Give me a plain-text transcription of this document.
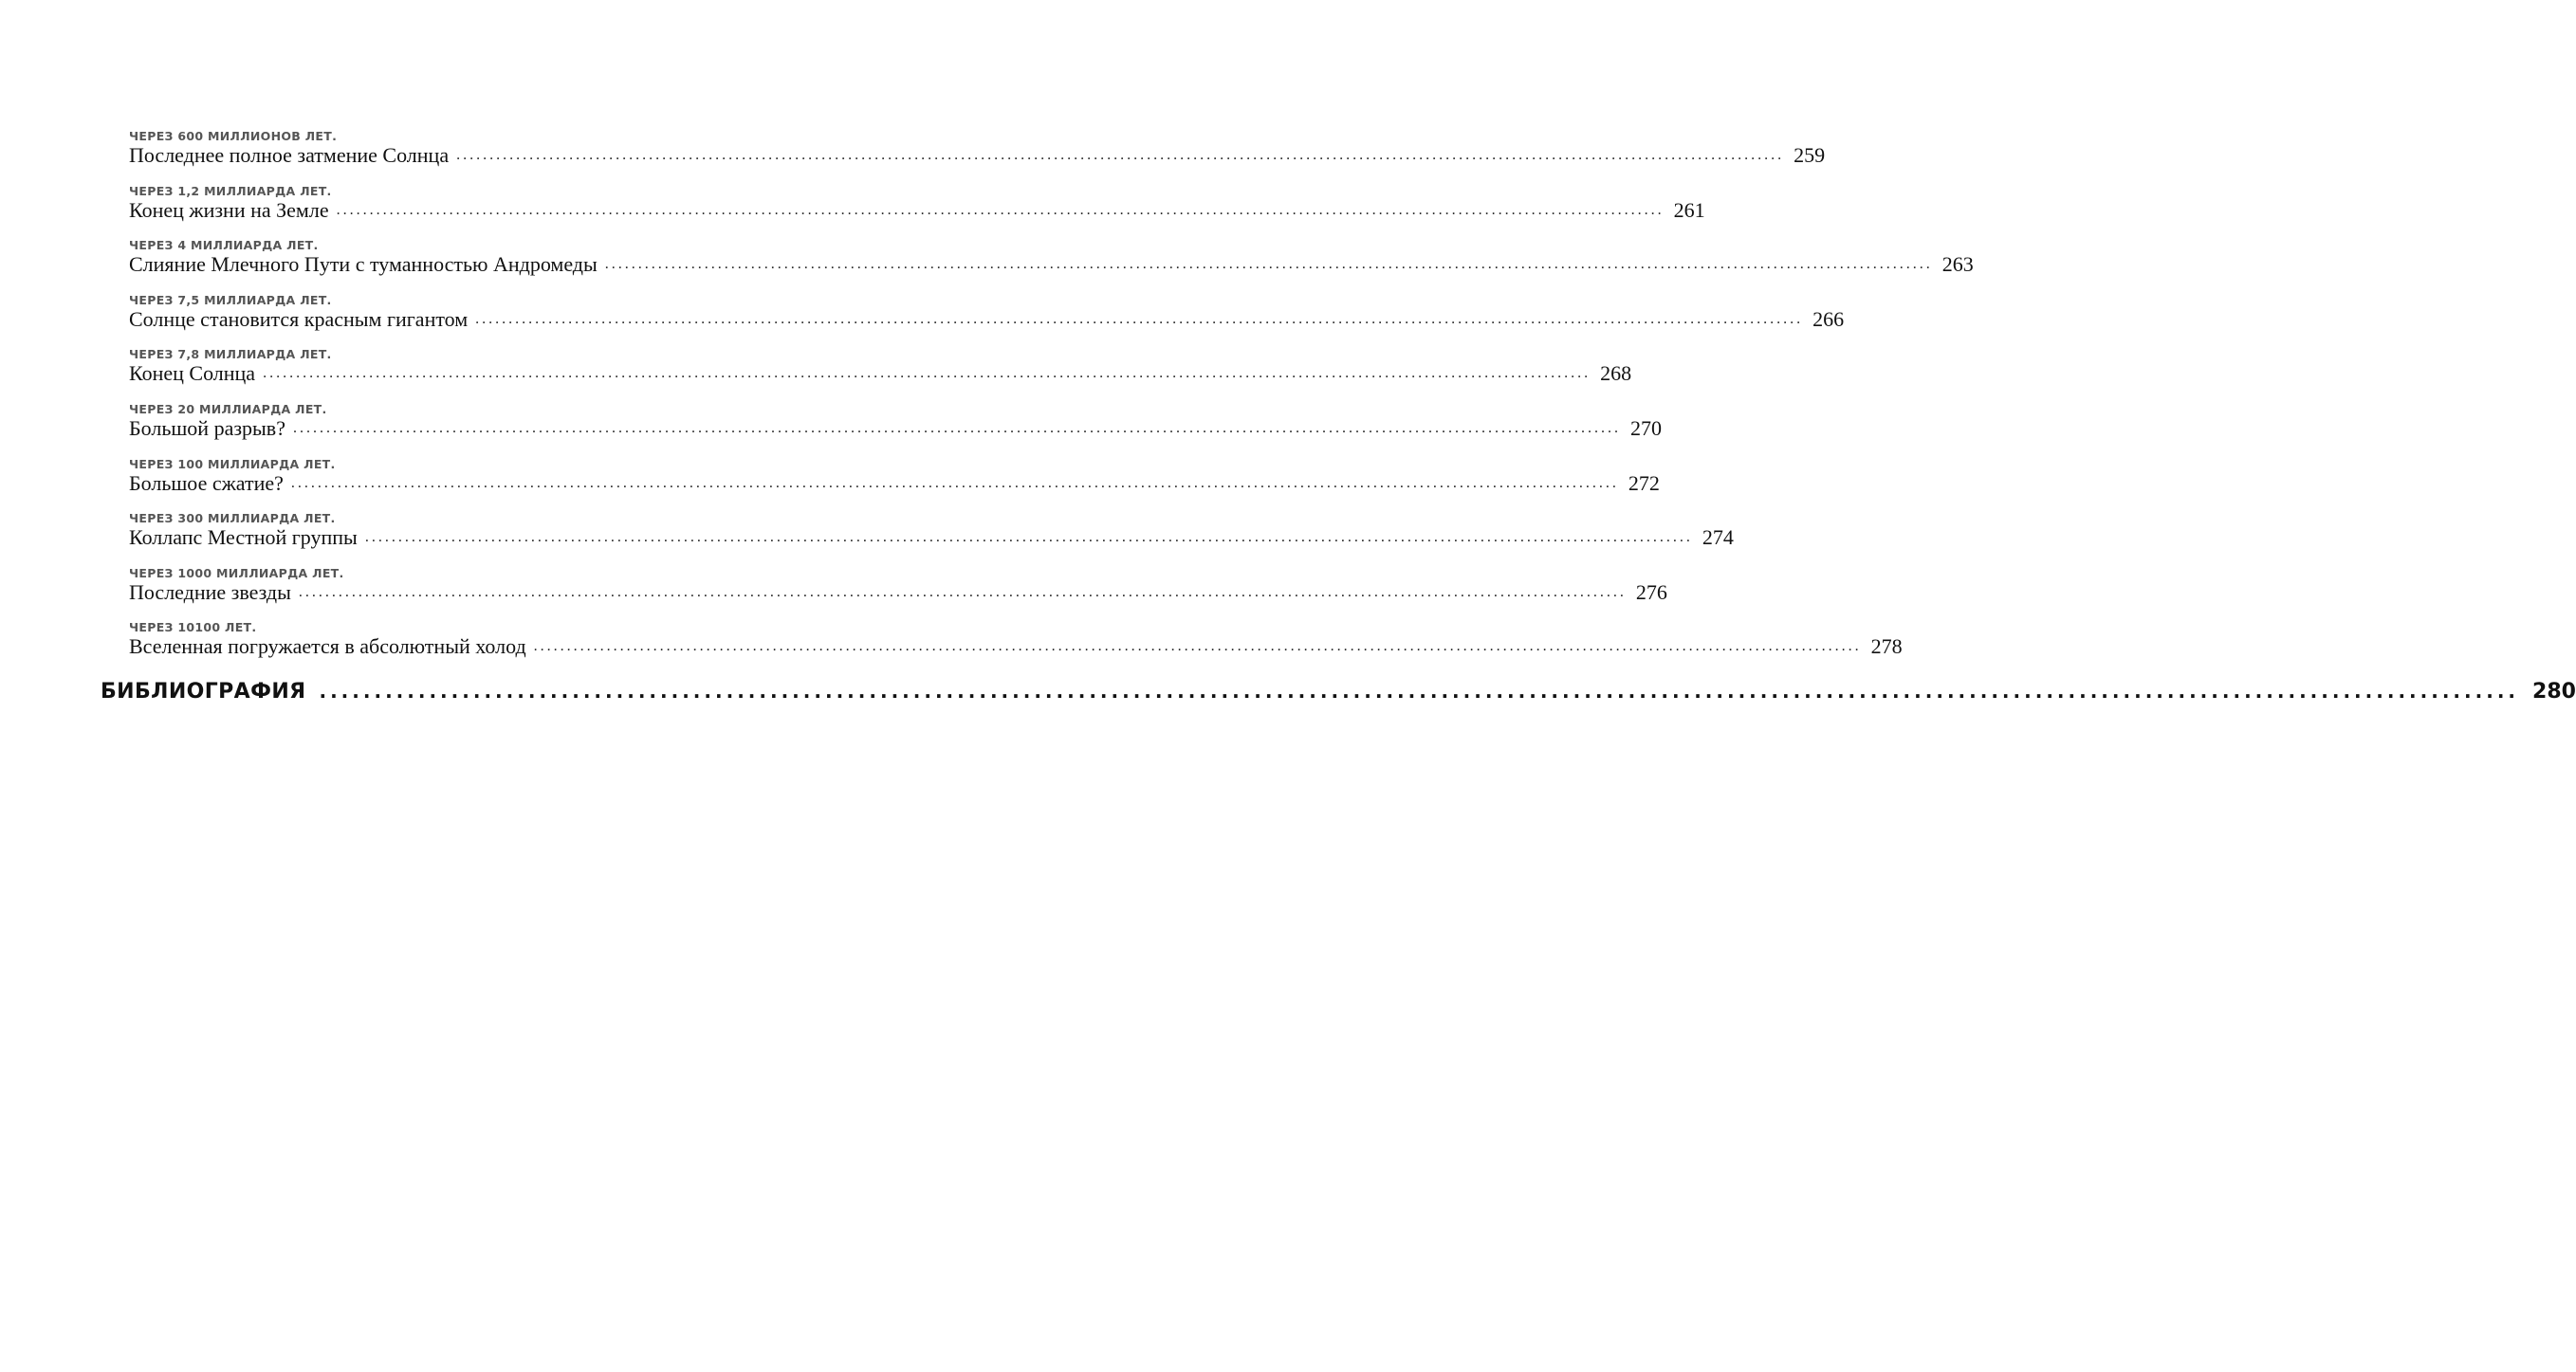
ЧЕРЕЗ 600 МИЛЛИОНОВ ЛЕТ.
Последнее полное затмение Солнца ........................................................................................................................................................................................................ 259
ЧЕРЕЗ 1,2 МИЛЛИАРДА ЛЕТ.
Конец жизни на Земле ........................................................................................................................................................................................................ 261
ЧЕРЕЗ 4 МИЛЛИАРДА ЛЕТ.
Слияние Млечного Пути с туманностью Андромеды ........................................................................................................................................................................................................ 263
ЧЕРЕЗ 7,5 МИЛЛИАРДА ЛЕТ.
Солнце становится красным гигантом ........................................................................................................................................................................................................ 266
ЧЕРЕЗ 7,8 МИЛЛИАРДА ЛЕТ.
Конец Солнца ........................................................................................................................................................................................................ 268
ЧЕРЕЗ 20 МИЛЛИАРДА ЛЕТ.
Большой разрыв? ........................................................................................................................................................................................................ 270
ЧЕРЕЗ 100 МИЛЛИАРДА ЛЕТ.
Большое сжатие? ........................................................................................................................................................................................................ 272
ЧЕРЕЗ 300 МИЛЛИАРДА ЛЕТ.
Коллапс Местной группы ........................................................................................................................................................................................................ 274
ЧЕРЕЗ 1000 МИЛЛИАРДА ЛЕТ.
Последние звезды ........................................................................................................................................................................................................ 276
ЧЕРЕЗ 10100 ЛЕТ.
Вселенная погружается в абсолютный холод ........................................................................................................................................................................................................ 278
БИБЛИОГРАФИЯ ........................................................................................................................................................................................................ 280
